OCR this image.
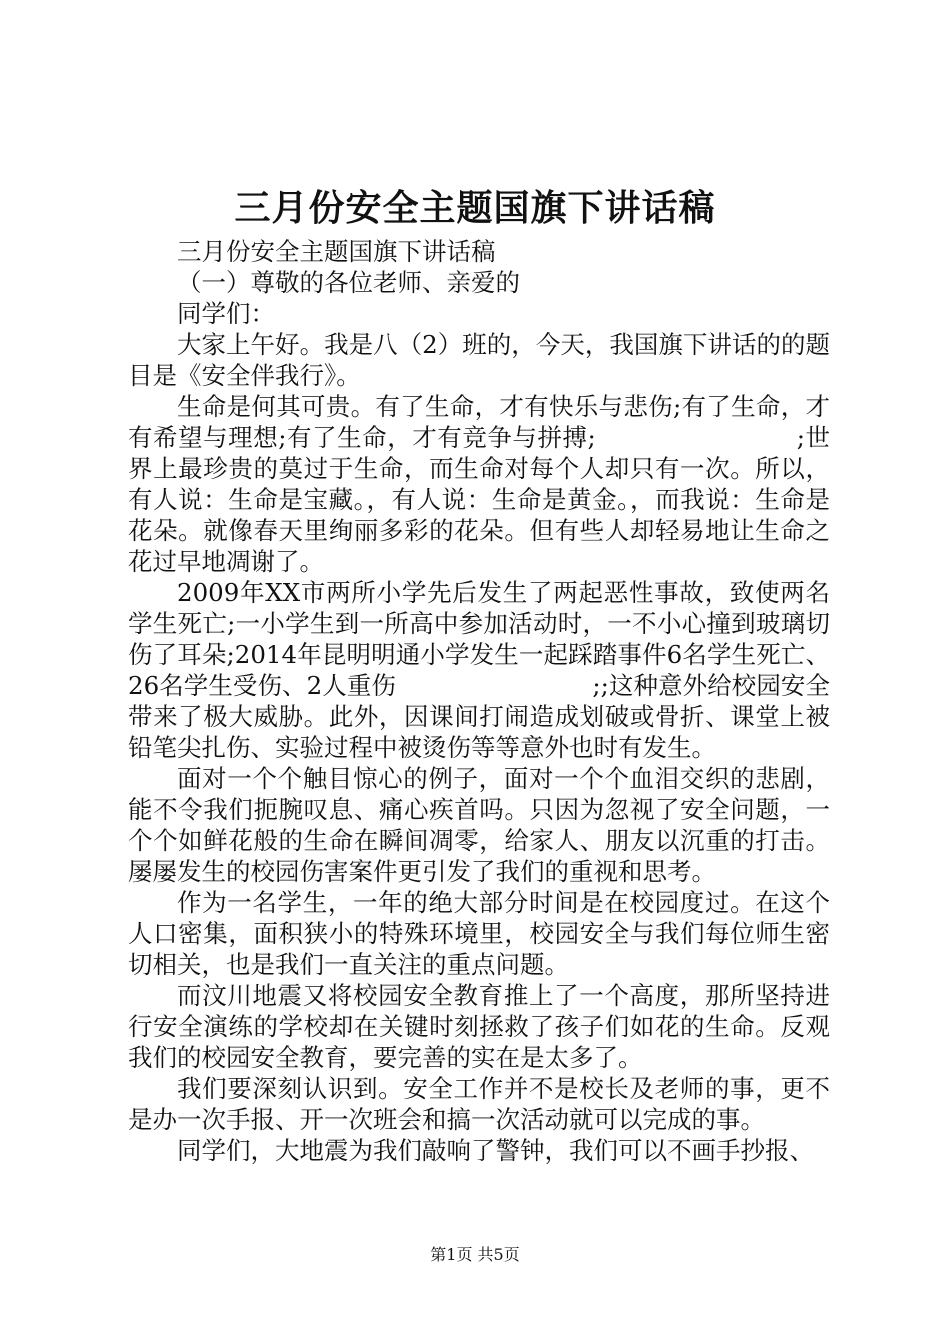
三月份安全主题国旗下讲话稿

三月份安全主题国旗下讲话稿

（一）尊敬的各位老师、亲爱的

同学们：

大家上午好。我是八（2）班的，今天，我国旗下讲话的的题目是《安全伴我行》。

生命是何其可贵。有了生命，才有快乐与悲伤;有了生命，才有希望与理想;有了生命，才有竞争与拼搏;　　　　　　　　;世界上最珍贵的莫过于生命，而生命对每个人却只有一次。所以，有人说：生命是宝藏。，有人说：生命是黄金。，而我说：生命是花朵。就像春天里绚丽多彩的花朵。但有些人却轻易地让生命之花过早地凋谢了。

2009年XX市两所小学先后发生了两起恶性事故，致使两名学生死亡;一小学生到一所高中参加活动时，一不小心撞到玻璃切伤了耳朵;2014年昆明明通小学发生一起踩踏事件6名学生死亡、26名学生受伤、2人重伤　　　　　　　　;;这种意外给校园安全带来了极大威胁。此外，因课间打闹造成划破或骨折、课堂上被铅笔尖扎伤、实验过程中被烫伤等等意外也时有发生。

面对一个个触目惊心的例子，面对一个个血泪交织的悲剧，能不令我们扼腕叹息、痛心疾首吗。只因为忽视了安全问题，一个个如鲜花般的生命在瞬间凋零，给家人、朋友以沉重的打击。屡屡发生的校园伤害案件更引发了我们的重视和思考。

作为一名学生，一年的绝大部分时间是在校园度过。在这个人口密集，面积狭小的特殊环境里，校园安全与我们每位师生密切相关，也是我们一直关注的重点问题。

而汶川地震又将校园安全教育推上了一个高度，那所坚持进行安全演练的学校却在关键时刻拯救了孩子们如花的生命。反观我们的校园安全教育，要完善的实在是太多了。

我们要深刻认识到。安全工作并不是校长及老师的事，更不是办一次手报、开一次班会和搞一次活动就可以完成的事。

同学们，大地震为我们敲响了警钟，我们可以不画手抄报、

第1页 共5页
